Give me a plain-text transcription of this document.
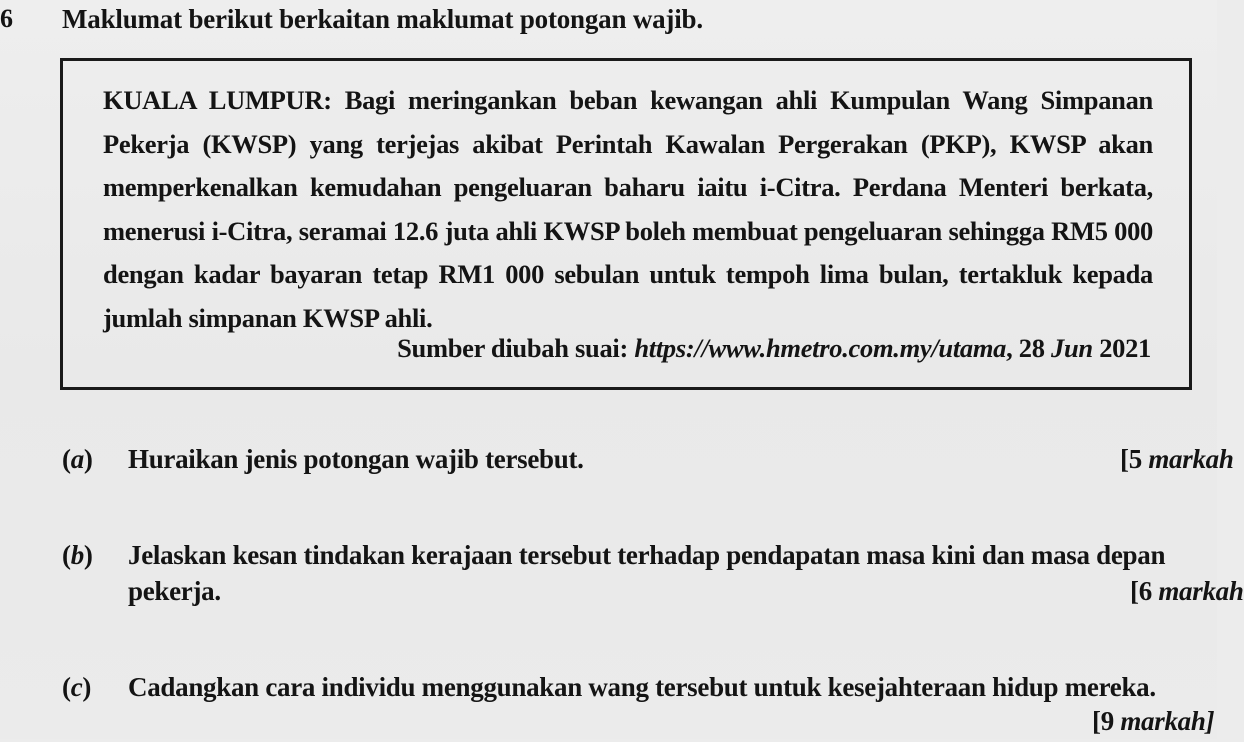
6 Maklumat berikut berkaitan maklumat potongan wajib.
KUALA LUMPUR: Bagi meringankan beban kewangan ahli Kumpulan Wang Simpanan Pekerja (KWSP) yang terjejas akibat Perintah Kawalan Pergerakan (PKP), KWSP akan memperkenalkan kemudahan pengeluaran baharu iaitu i-Citra. Perdana Menteri berkata, menerusi i-Citra, seramai 12.6 juta ahli KWSP boleh membuat pengeluaran sehingga RM5 000 dengan kadar bayaran tetap RM1 000 sebulan untuk tempoh lima bulan, tertakluk kepada jumlah simpanan KWSP ahli.
Sumber diubah suai: https://www.hmetro.com.my/utama, 28 Jun 2021
(a) Huraikan jenis potongan wajib tersebut.	[5 markah
(b) Jelaskan kesan tindakan kerajaan tersebut terhadap pendapatan masa kini dan masa depan
pekerja.	[6 markah
(c) Cadangkan cara individu menggunakan wang tersebut untuk kesejahteraan hidup mereka.
[9 markah]
